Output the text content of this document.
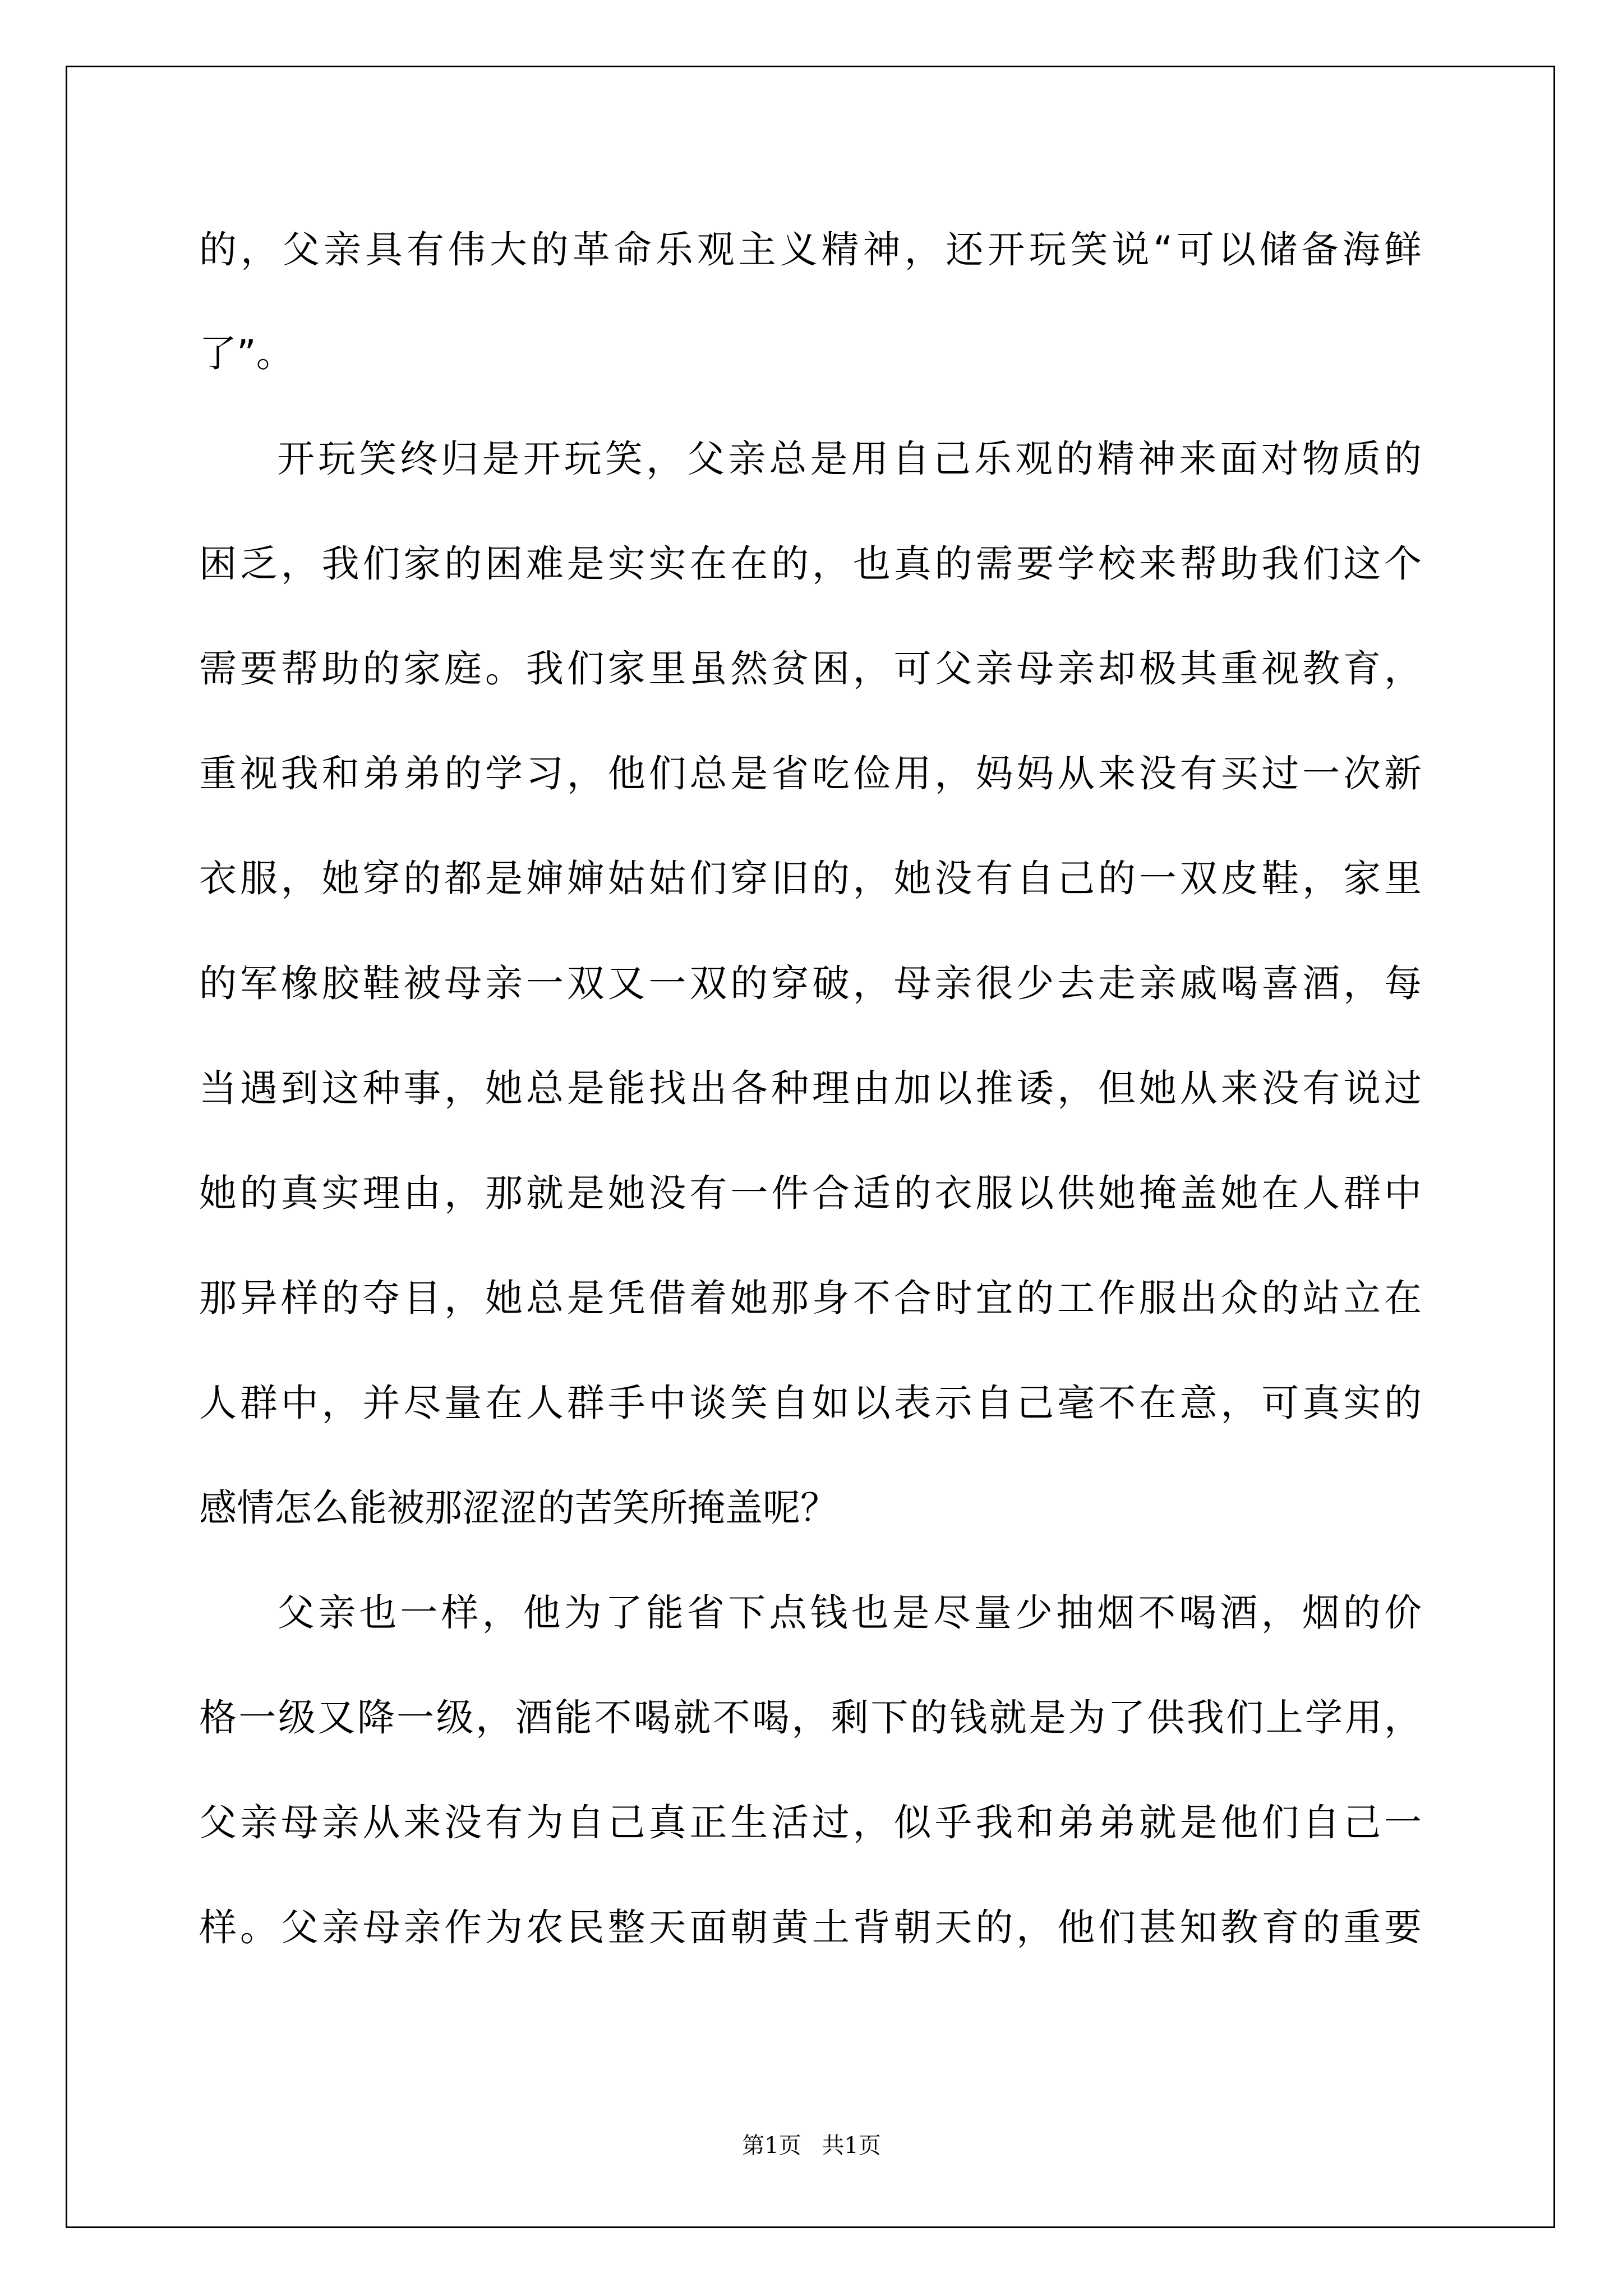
的，父亲具有伟大的革命乐观主义精神，还开玩笑说“可以储备海鲜
了”。
开玩笑终归是开玩笑，父亲总是用自己乐观的精神来面对物质的
困乏，我们家的困难是实实在在的，也真的需要学校来帮助我们这个
需要帮助的家庭。我们家里虽然贫困，可父亲母亲却极其重视教育，
重视我和弟弟的学习，他们总是省吃俭用，妈妈从来没有买过一次新
衣服，她穿的都是婶婶姑姑们穿旧的，她没有自己的一双皮鞋，家里
的军橡胶鞋被母亲一双又一双的穿破，母亲很少去走亲戚喝喜酒，每
当遇到这种事，她总是能找出各种理由加以推诿，但她从来没有说过
她的真实理由，那就是她没有一件合适的衣服以供她掩盖她在人群中
那异样的夺目，她总是凭借着她那身不合时宜的工作服出众的站立在
人群中，并尽量在人群手中谈笑自如以表示自己毫不在意，可真实的
感情怎么能被那涩涩的苦笑所掩盖呢？
父亲也一样，他为了能省下点钱也是尽量少抽烟不喝酒，烟的价
格一级又降一级，酒能不喝就不喝，剩下的钱就是为了供我们上学用，
父亲母亲从来没有为自己真正生活过，似乎我和弟弟就是他们自己一
样。父亲母亲作为农民整天面朝黄土背朝天的，他们甚知教育的重要
第1页 共1页
